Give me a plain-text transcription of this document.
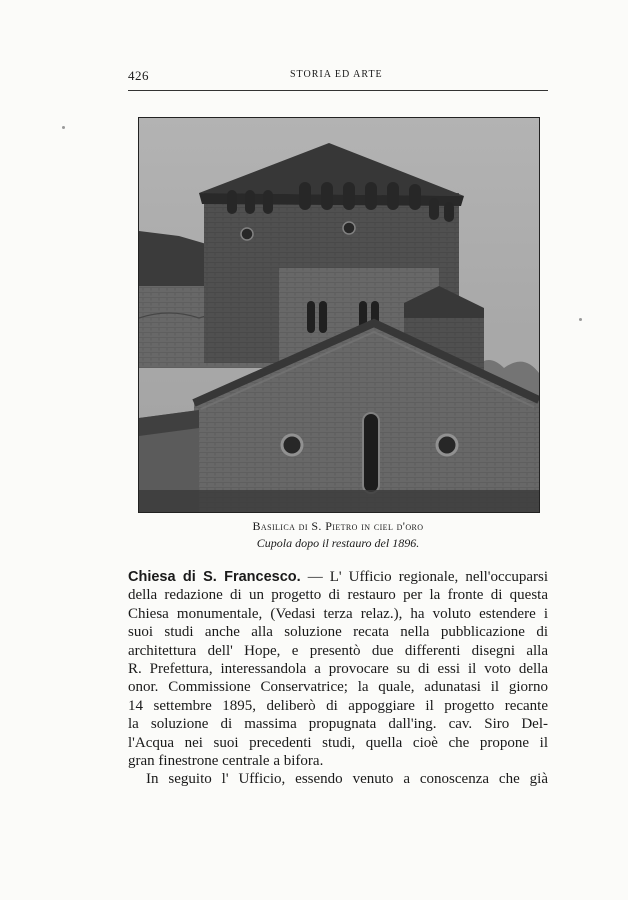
426	STORIA ED ARTE
Basilica di S. Pietro in ciel d'oro
Cupola dopo il restauro del 1896.
Chiesa di S. Francesco. — L' Ufficio regionale, nell'occuparsi
della redazione di un progetto di restauro per la fronte di questa
Chiesa monumentale, (Vedasi terza relaz.), ha voluto estendere i
suoi studi anche alla soluzione recata nella pubblicazione di
architettura dell' Hope, e presentò due differenti disegni alla
R. Prefettura, interessandola a provocare su di essi il voto della
onor. Commissione Conservatrice; la quale, adunatasi il giorno
14 settembre 1895, deliberò di appoggiare il progetto recante
la soluzione di massima propugnata dall'ing. cav. Siro Del-
l'Acqua nei suoi precedenti studi, quella cioè che propone il
gran finestrone centrale a bifora.
In seguito l' Ufficio, essendo venuto a conoscenza che già
